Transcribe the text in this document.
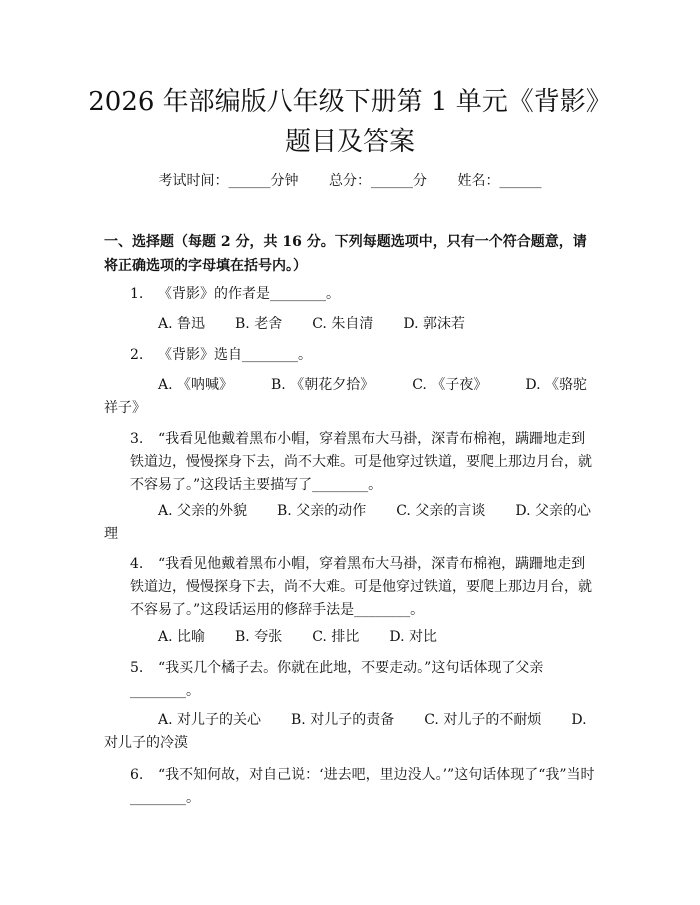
2026 年部编版八年级下册第 1 单元《背影》
题目及答案
考试时间：______分钟 总分：______分 姓名：______
一、选择题（每题 2 分，共 16 分。下列每题选项中，只有一个符合题意，请将正确选项的字母填在括号内。）
1. 《背影》的作者是________。
A. 鲁迅 B. 老舍 C. 朱自清 D. 郭沫若
2. 《背影》选自________。
A. 《呐喊》	B. 《朝花夕拾》	C. 《子夜》	D. 《骆驼祥子》
3. “我看见他戴着黑布小帽，穿着黑布大马褂，深青布棉袍，蹒跚地走到铁道边，慢慢探身下去，尚不大难。可是他穿过铁道，要爬上那边月台，就不容易了。”这段话主要描写了________。
A. 父亲的外貌 B. 父亲的动作 C. 父亲的言谈 D. 父亲的心理
4. “我看见他戴着黑布小帽，穿着黑布大马褂，深青布棉袍，蹒跚地走到铁道边，慢慢探身下去，尚不大难。可是他穿过铁道，要爬上那边月台，就不容易了。”这段话运用的修辞手法是________。
A. 比喻 B. 夸张 C. 排比 D. 对比
5. “我买几个橘子去。你就在此地，不要走动。”这句话体现了父亲________。
A. 对儿子的关心 B. 对儿子的责备 C. 对儿子的不耐烦 D. 对儿子的冷漠
6. “我不知何故，对自己说：‘进去吧，里边没人。’”这句话体现了“我”当时________。
